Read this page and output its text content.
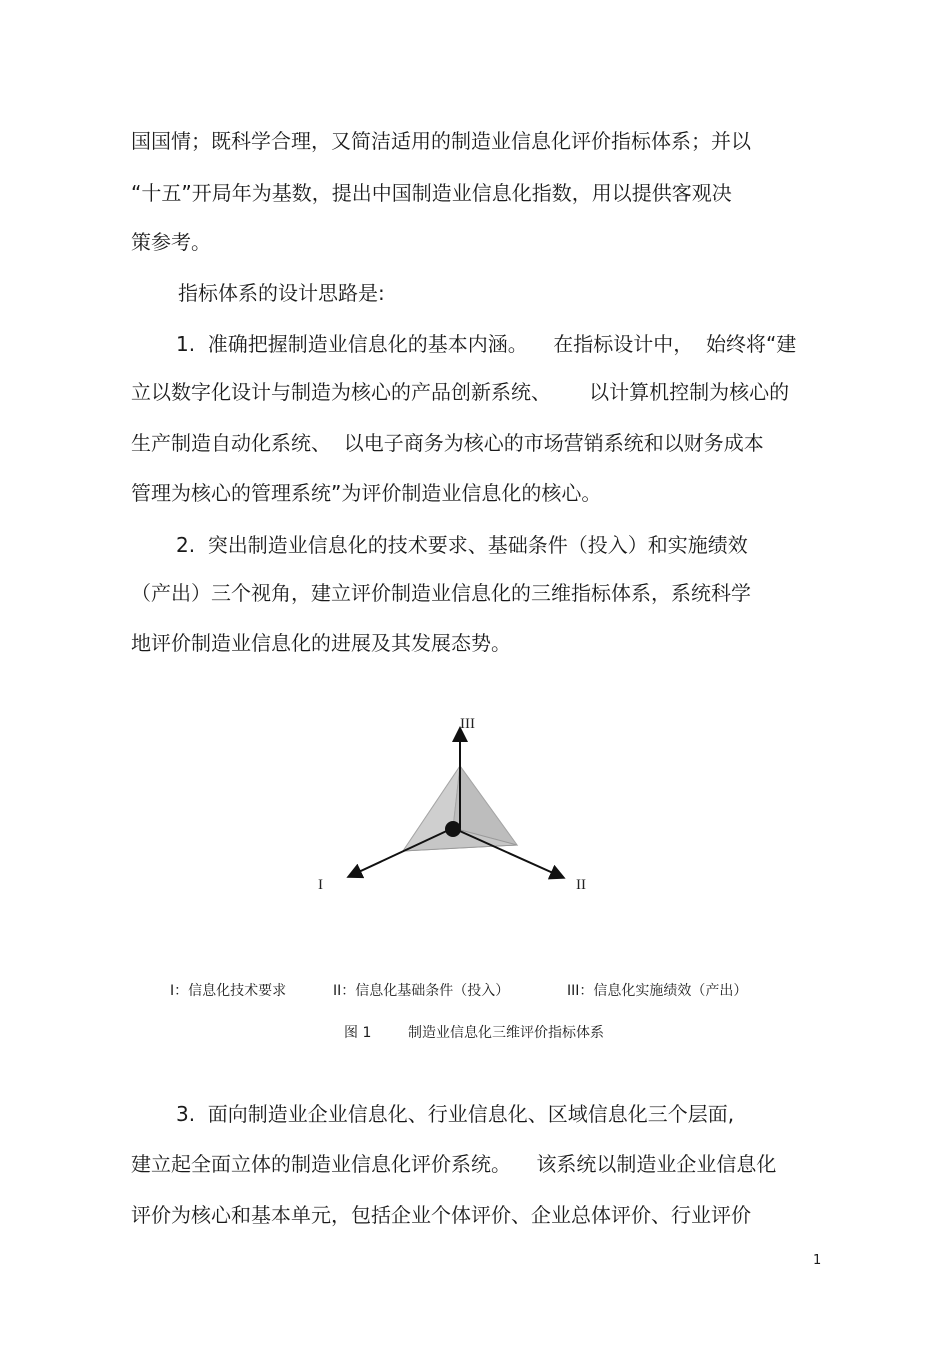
国国情；既科学合理，又简洁适用的制造业信息化评价指标体系；并以
“十五”开局年为基数，提出中国制造业信息化指数，用以提供客观决
策参考。
指标体系的设计思路是:
1.  准确把握制造业信息化的基本内涵。    在指标设计中，  始终将“建
立以数字化设计与制造为核心的产品创新系统、      以计算机控制为核心的
生产制造自动化系统、  以电子商务为核心的市场营销系统和以财务成本
管理为核心的管理系统”为评价制造业信息化的核心。
2.  突出制造业信息化的技术要求、基础条件（投入）和实施绩效
（产出）三个视角，建立评价制造业信息化的三维指标体系，系统科学
地评价制造业信息化的进展及其发展态势。
III
I	II
I：信息化技术要求	II：信息化基础条件（投入）	III：信息化实施绩效（产出）
图 1	制造业信息化三维评价指标体系
3.  面向制造业企业信息化、行业信息化、区域信息化三个层面,
建立起全面立体的制造业信息化评价系统。    该系统以制造业企业信息化
评价为核心和基本单元，包括企业个体评价、企业总体评价、行业评价
1
